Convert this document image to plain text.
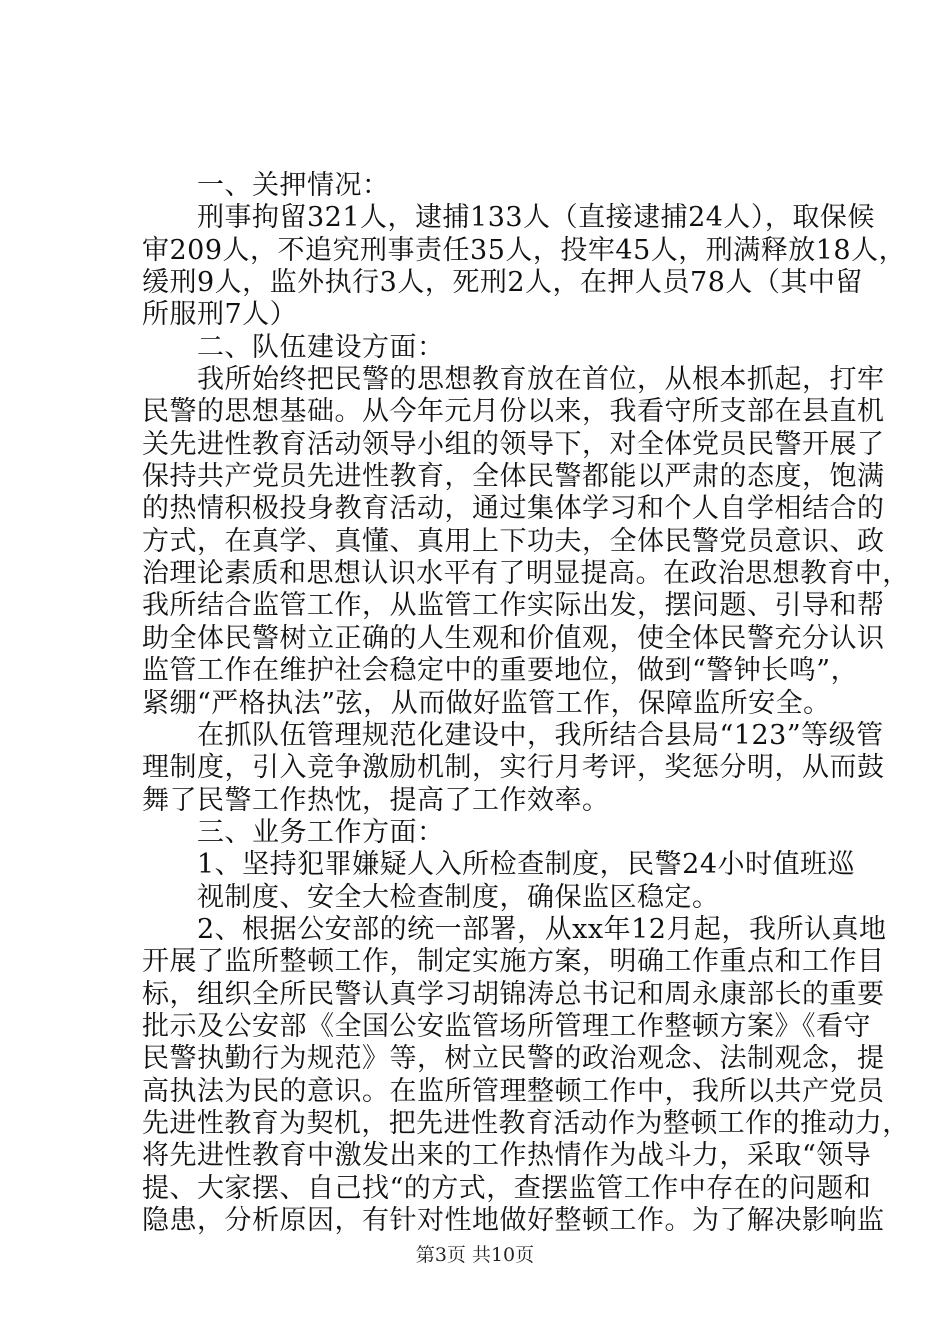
　　一、关押情况：
　　刑事拘留321人，逮捕133人（直接逮捕24人），取保候
审209人，不追究刑事责任35人，投牢45人，刑满释放18人，
缓刑9人，监外执行3人，死刑2人，在押人员78人（其中留
所服刑7人）
　　二、队伍建设方面：
　　我所始终把民警的思想教育放在首位，从根本抓起，打牢
民警的思想基础。从今年元月份以来，我看守所支部在县直机
关先进性教育活动领导小组的领导下，对全体党员民警开展了
保持共产党员先进性教育，全体民警都能以严肃的态度，饱满
的热情积极投身教育活动，通过集体学习和个人自学相结合的
方式，在真学、真懂、真用上下功夫，全体民警党员意识、政
治理论素质和思想认识水平有了明显提高。在政治思想教育中，
我所结合监管工作，从监管工作实际出发，摆问题、引导和帮
助全体民警树立正确的人生观和价值观，使全体民警充分认识
监管工作在维护社会稳定中的重要地位，做到“警钟长鸣”，
紧绷“严格执法”弦，从而做好监管工作，保障监所安全。
　　在抓队伍管理规范化建设中，我所结合县局“123”等级管
理制度，引入竞争激励机制，实行月考评，奖惩分明，从而鼓
舞了民警工作热忱，提高了工作效率。
　　三、业务工作方面：
　　1、坚持犯罪嫌疑人入所检查制度，民警24小时值班巡
　　视制度、安全大检查制度，确保监区稳定。
　　2、根据公安部的统一部署，从xx年12月起，我所认真地
开展了监所整顿工作，制定实施方案，明确工作重点和工作目
标，组织全所民警认真学习胡锦涛总书记和周永康部长的重要
批示及公安部《全国公安监管场所管理工作整顿方案》《看守
民警执勤行为规范》等，树立民警的政治观念、法制观念，提
高执法为民的意识。在监所管理整顿工作中，我所以共产党员
先进性教育为契机，把先进性教育活动作为整顿工作的推动力，
将先进性教育中激发出来的工作热情作为战斗力，采取“领导
提、大家摆、自己找“的方式，查摆监管工作中存在的问题和
隐患，分析原因，有针对性地做好整顿工作。为了解决影响监
第3页 共10页
